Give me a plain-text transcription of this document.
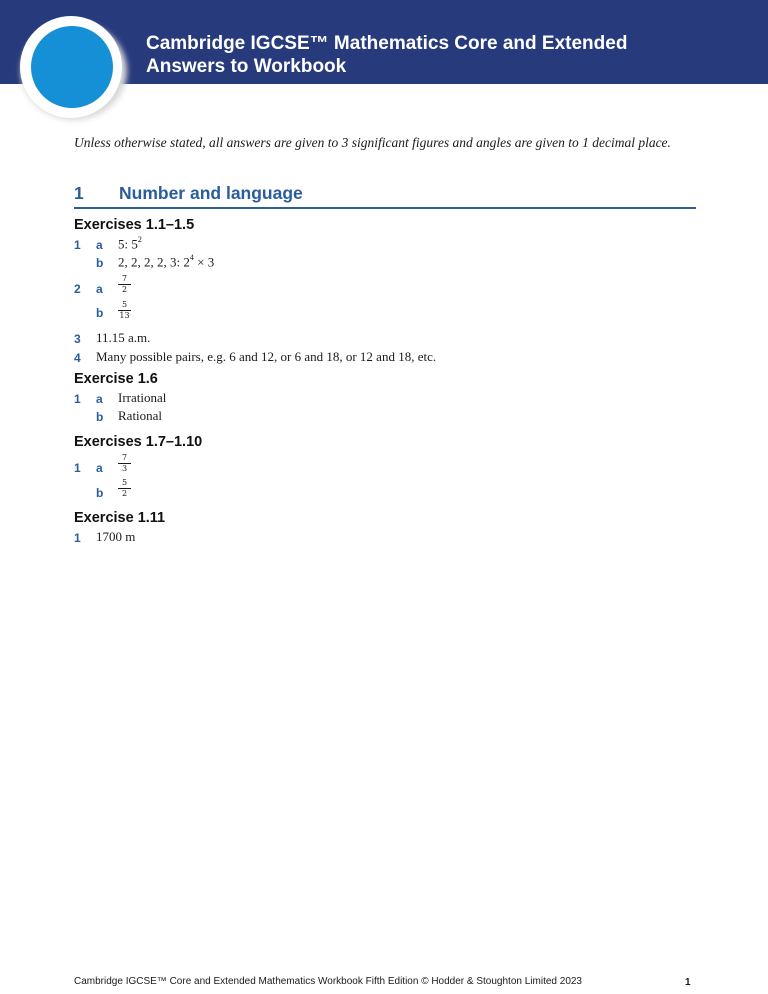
Cambridge IGCSE™ Mathematics Core and Extended
Answers to Workbook
Unless otherwise stated, all answers are given to 3 significant figures and angles are given to 1 decimal place.
1 Number and language
Exercises 1.1–1.5
1 a 5: $5^2$
b 2, 2, 2, 2, 3: $2^4 \times 3$
2 a $\frac{7}{2}$
b $\frac{5}{13}$
3 11.15 a.m.
4 Many possible pairs, e.g. 6 and 12, or 6 and 18, or 12 and 18, etc.
Exercise 1.6
1 a Irrational
b Rational
Exercises 1.7–1.10
1 a $\frac{7}{3}$
b $\frac{5}{2}$
Exercise 1.11
1 1700 m
Cambridge IGCSE™ Core and Extended Mathematics Workbook Fifth Edition © Hodder & Stoughton Limited 2023	1
